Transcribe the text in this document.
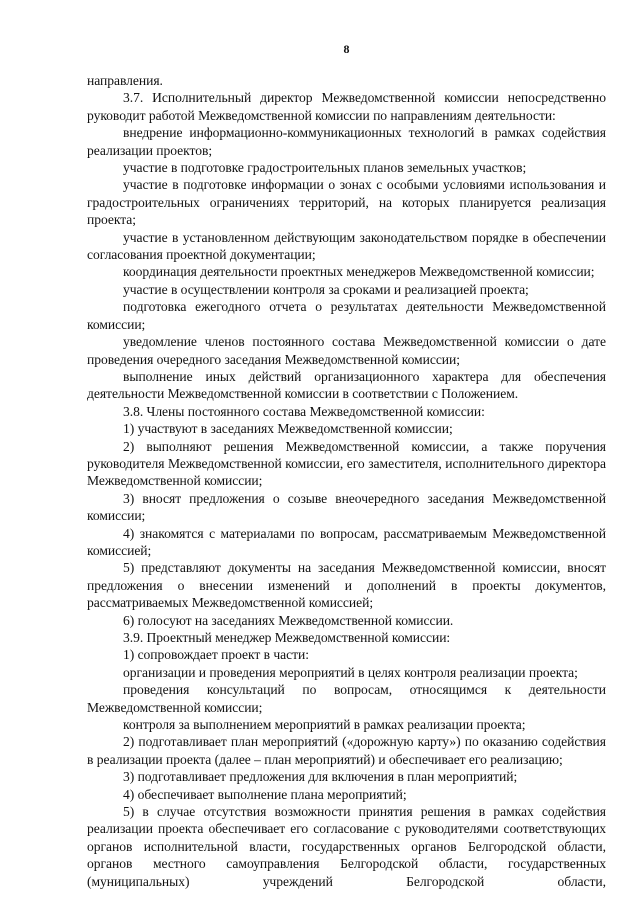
8

направления.

3.7. Исполнительный директор Межведомственной комиссии непосредственно руководит работой Межведомственной комиссии по направлениям деятельности:

внедрение информационно-коммуникационных технологий в рамках содействия реализации проектов;

участие в подготовке градостроительных планов земельных участков;

участие в подготовке информации о зонах с особыми условиями использования и градостроительных ограничениях территорий, на которых планируется реализация проекта;

участие в установленном действующим законодательством порядке в обеспечении согласования проектной документации;

координация деятельности проектных менеджеров Межведомственной комиссии;

участие в осуществлении контроля за сроками и реализацией проекта;

подготовка ежегодного отчета о результатах деятельности Межведомственной комиссии;

уведомление членов постоянного состава Межведомственной комиссии о дате проведения очередного заседания Межведомственной комиссии;

выполнение иных действий организационного характера для обеспечения деятельности Межведомственной комиссии в соответствии с Положением.

3.8. Члены постоянного состава Межведомственной комиссии:

1) участвуют в заседаниях Межведомственной комиссии;

2) выполняют решения Межведомственной комиссии, а также поручения руководителя Межведомственной комиссии, его заместителя, исполнительного директора Межведомственной комиссии;

3) вносят предложения о созыве внеочередного заседания Межведомственной комиссии;

4) знакомятся с материалами по вопросам, рассматриваемым Межведомственной комиссией;

5) представляют документы на заседания Межведомственной комиссии, вносят предложения о внесении изменений и дополнений в проекты документов, рассматриваемых Межведомственной комиссией;

6) голосуют на заседаниях Межведомственной комиссии.

3.9. Проектный менеджер Межведомственной комиссии:

1) сопровождает проект в части:

организации и проведения мероприятий в целях контроля реализации проекта;

проведения консультаций по вопросам, относящимся к деятельности Межведомственной комиссии;

контроля за выполнением мероприятий в рамках реализации проекта;

2) подготавливает план мероприятий («дорожную карту») по оказанию содействия в реализации проекта (далее – план мероприятий) и обеспечивает его реализацию;

3) подготавливает предложения для включения в план мероприятий;

4) обеспечивает выполнение плана мероприятий;

5) в случае отсутствия возможности принятия решения в рамках содействия реализации проекта обеспечивает его согласование с руководителями соответствующих органов исполнительной власти, государственных органов Белгородской области, органов местного самоуправления Белгородской области, государственных (муниципальных) учреждений Белгородской области,
